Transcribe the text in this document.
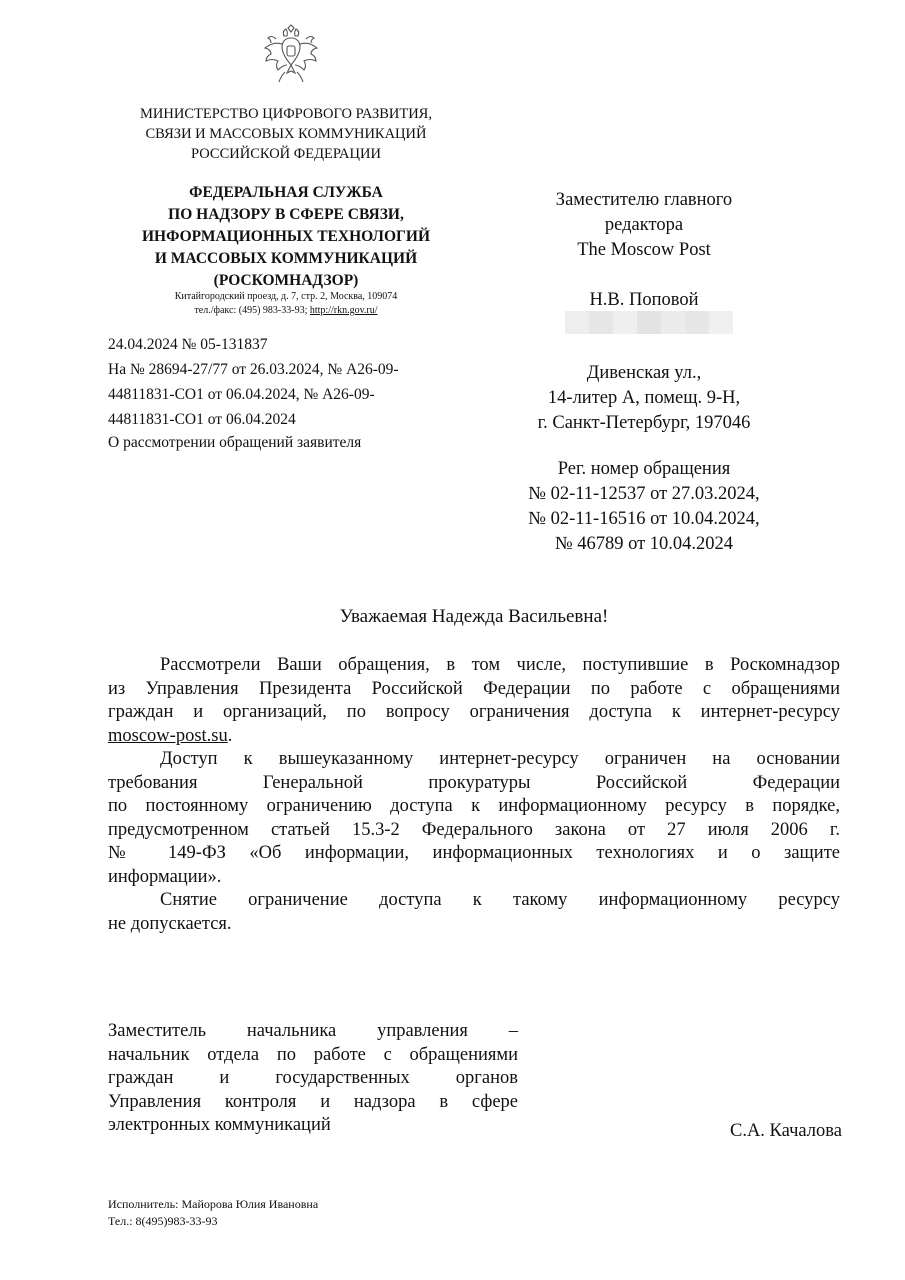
МИНИСТЕРСТВО ЦИФРОВОГО РАЗВИТИЯ,
СВЯЗИ И МАССОВЫХ КОММУНИКАЦИЙ
РОССИЙСКОЙ ФЕДЕРАЦИИ
ФЕДЕРАЛЬНАЯ СЛУЖБА
ПО НАДЗОРУ В СФЕРЕ СВЯЗИ,
ИНФОРМАЦИОННЫХ ТЕХНОЛОГИЙ
И МАССОВЫХ КОММУНИКАЦИЙ
(РОСКОМНАДЗОР)
Китайгородский проезд, д. 7, стр. 2, Москва, 109074
тел./факс: (495) 983-33-93; http://rkn.gov.ru/
24.04.2024 № 05-131837
На № 28694-27/77 от 26.03.2024, № А26-09-
44811831-СО1 от 06.04.2024, № А26-09-
44811831-СО1 от 06.04.2024
О рассмотрении обращений заявителя
Заместителю главного
редактора
The Moscow Post
Н.В. Поповой
Дивенская ул.,
14-литер А, помещ. 9-Н,
г. Санкт-Петербург, 197046
Рег. номер обращения
№ 02-11-12537 от 27.03.2024,
№ 02-11-16516 от 10.04.2024,
№ 46789 от 10.04.2024
Уважаемая Надежда Васильевна!
Рассмотрели Ваши обращения, в том числе, поступившие в Роскомнадзор
из Управления Президента Российской Федерации по работе с обращениями
граждан и организаций, по вопросу ограничения доступа к интернет-ресурсу
moscow-post.su.
Доступ к вышеуказанному интернет-ресурсу ограничен на основании
требования Генеральной прокуратуры Российской Федерации
по постоянному ограничению доступа к информационному ресурсу в порядке,
предусмотренном статьей 15.3-2 Федерального закона от 27 июля 2006 г.
№ 149-ФЗ «Об информации, информационных технологиях и о защите
информации».
Снятие ограничение доступа к такому информационному ресурсу
не допускается.
Заместитель начальника управления –
начальник отдела по работе с обращениями
граждан и государственных органов
Управления контроля и надзора в сфере
электронных коммуникаций	С.А. Качалова
Исполнитель: Майорова Юлия Ивановна
Тел.: 8(495)983-33-93
